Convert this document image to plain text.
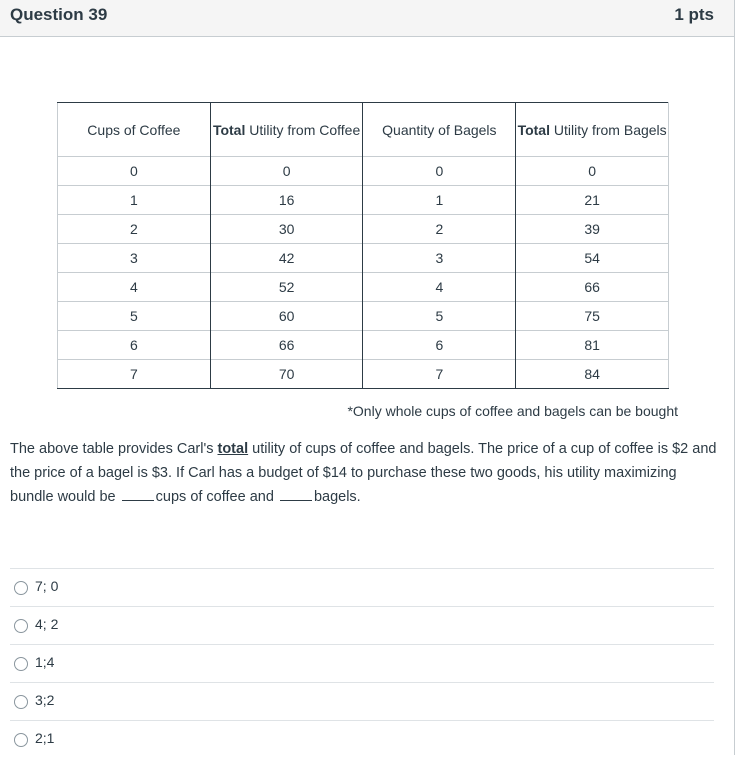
Question 39	1 pts
Cups of Coffee	Total Utility from Coffee	Quantity of Bagels	Total Utility from Bagels
0	0	0	0
1	16	1	21
2	30	2	39
3	42	3	54
4	52	4	66
5	60	5	75
6	66	6	81
7	70	7	84
*Only whole cups of coffee and bagels can be bought
The above table provides Carl's total utility of cups of coffee and bagels. The price of a cup of coffee is $2 and the price of a bagel is $3. If Carl has a budget of $14 to purchase these two goods, his utility maximizing bundle would be	cups of coffee and	bagels.
7; 0
4; 2
1;4
3;2
2;1
